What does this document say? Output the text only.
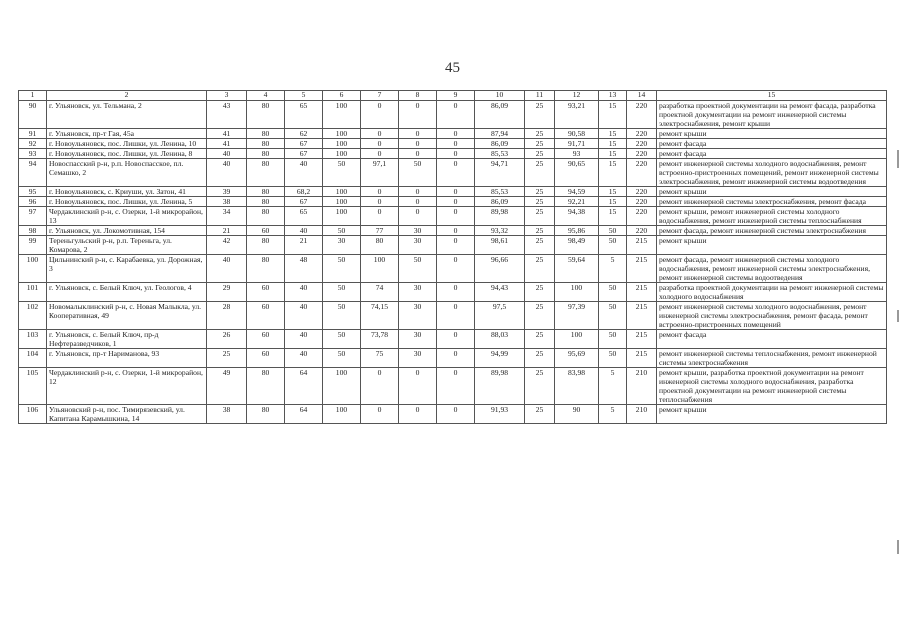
45
1	2	3	4	5	6	7	8	9	10	11	12	13	14	15
90	г. Ульяновск, ул. Тельмана, 2	43	80	65	100	0	0	0	86,09	25	93,21	15	220	разработка проектной документации на ремонт фасада, разработка проектной документации на ремонт инженерной системы электроснабжения, ремонт крыши
91	г. Ульяновск, пр-т Гая, 45а	41	80	62	100	0	0	0	87,94	25	90,58	15	220	ремонт крыши
92	г. Новоульяновск, пос. Лишки, ул. Ленина, 10	41	80	67	100	0	0	0	86,09	25	91,71	15	220	ремонт фасада
93	г. Новоульяновск, пос. Лишки, ул. Ленина, 8	40	80	67	100	0	0	0	85,53	25	93	15	220	ремонт фасада
94	Новоспасский р-н, р.п. Новоспасское, пл. Семашко, 2	40	80	40	50	97,1	50	0	94,71	25	90,65	15	220	ремонт инженерной системы холодного водоснабжения, ремонт встроенно-пристроенных помещений, ремонт инженерной системы электроснабжения, ремонт инженерной системы водоотведения
95	г. Новоульяновск, с. Криуши, ул. Затон, 41	39	80	68,2	100	0	0	0	85,53	25	94,59	15	220	ремонт крыши
96	г. Новоульяновск, пос. Лишки, ул. Ленина, 5	38	80	67	100	0	0	0	86,09	25	92,21	15	220	ремонт инженерной системы электроснабжения, ремонт фасада
97	Чердаклинский р-н, с. Озерки, 1-й микрорайон, 13	34	80	65	100	0	0	0	89,98	25	94,38	15	220	ремонт крыши, ремонт инженерной системы холодного водоснабжения, ремонт инженерной системы теплоснабжения
98	г. Ульяновск, ул. Локомотивная, 154	21	60	40	50	77	30	0	93,32	25	95,86	50	220	ремонт фасада, ремонт инженерной системы электроснабжения
99	Тереньгульский р-н, р.п. Тереньга, ул. Комарова, 2	42	80	21	30	80	30	0	98,61	25	98,49	50	215	ремонт крыши
100	Цильнинский р-н, с. Карабаевка, ул. Дорожная, 3	40	80	48	50	100	50	0	96,66	25	59,64	5	215	ремонт фасада, ремонт инженерной системы холодного водоснабжения, ремонт инженерной системы электроснабжения, ремонт инженерной системы водоотведения
101	г. Ульяновск, с. Белый Ключ, ул. Геологов, 4	29	60	40	50	74	30	0	94,43	25	100	50	215	разработка проектной документации на ремонт инженерной системы холодного водоснабжения
102	Новомалыклинский р-н, с. Новая Малыкла, ул. Кооперативная, 49	28	60	40	50	74,15	30	0	97,5	25	97,39	50	215	ремонт инженерной системы холодного водоснабжения, ремонт инженерной системы электроснабжения, ремонт фасада, ремонт встроенно-пристроенных помещений
103	г. Ульяновск, с. Белый Ключ, пр-д Нефтеразведчиков, 1	26	60	40	50	73,78	30	0	88,03	25	100	50	215	ремонт фасада
104	г. Ульяновск, пр-т Нариманова, 93	25	60	40	50	75	30	0	94,99	25	95,69	50	215	ремонт инженерной системы теплоснабжения, ремонт инженерной системы электроснабжения
105	Чердаклинский р-н, с. Озерки, 1-й микрорайон, 12	49	80	64	100	0	0	0	89,98	25	83,98	5	210	ремонт крыши, разработка проектной документации на ремонт инженерной системы холодного водоснабжения, разработка проектной документации на ремонт инженерной системы теплоснабжения
106	Ульяновский р-н, пос. Тимирязевский, ул. Капитана Карамышкина, 14	38	80	64	100	0	0	0	91,93	25	90	5	210	ремонт крыши
